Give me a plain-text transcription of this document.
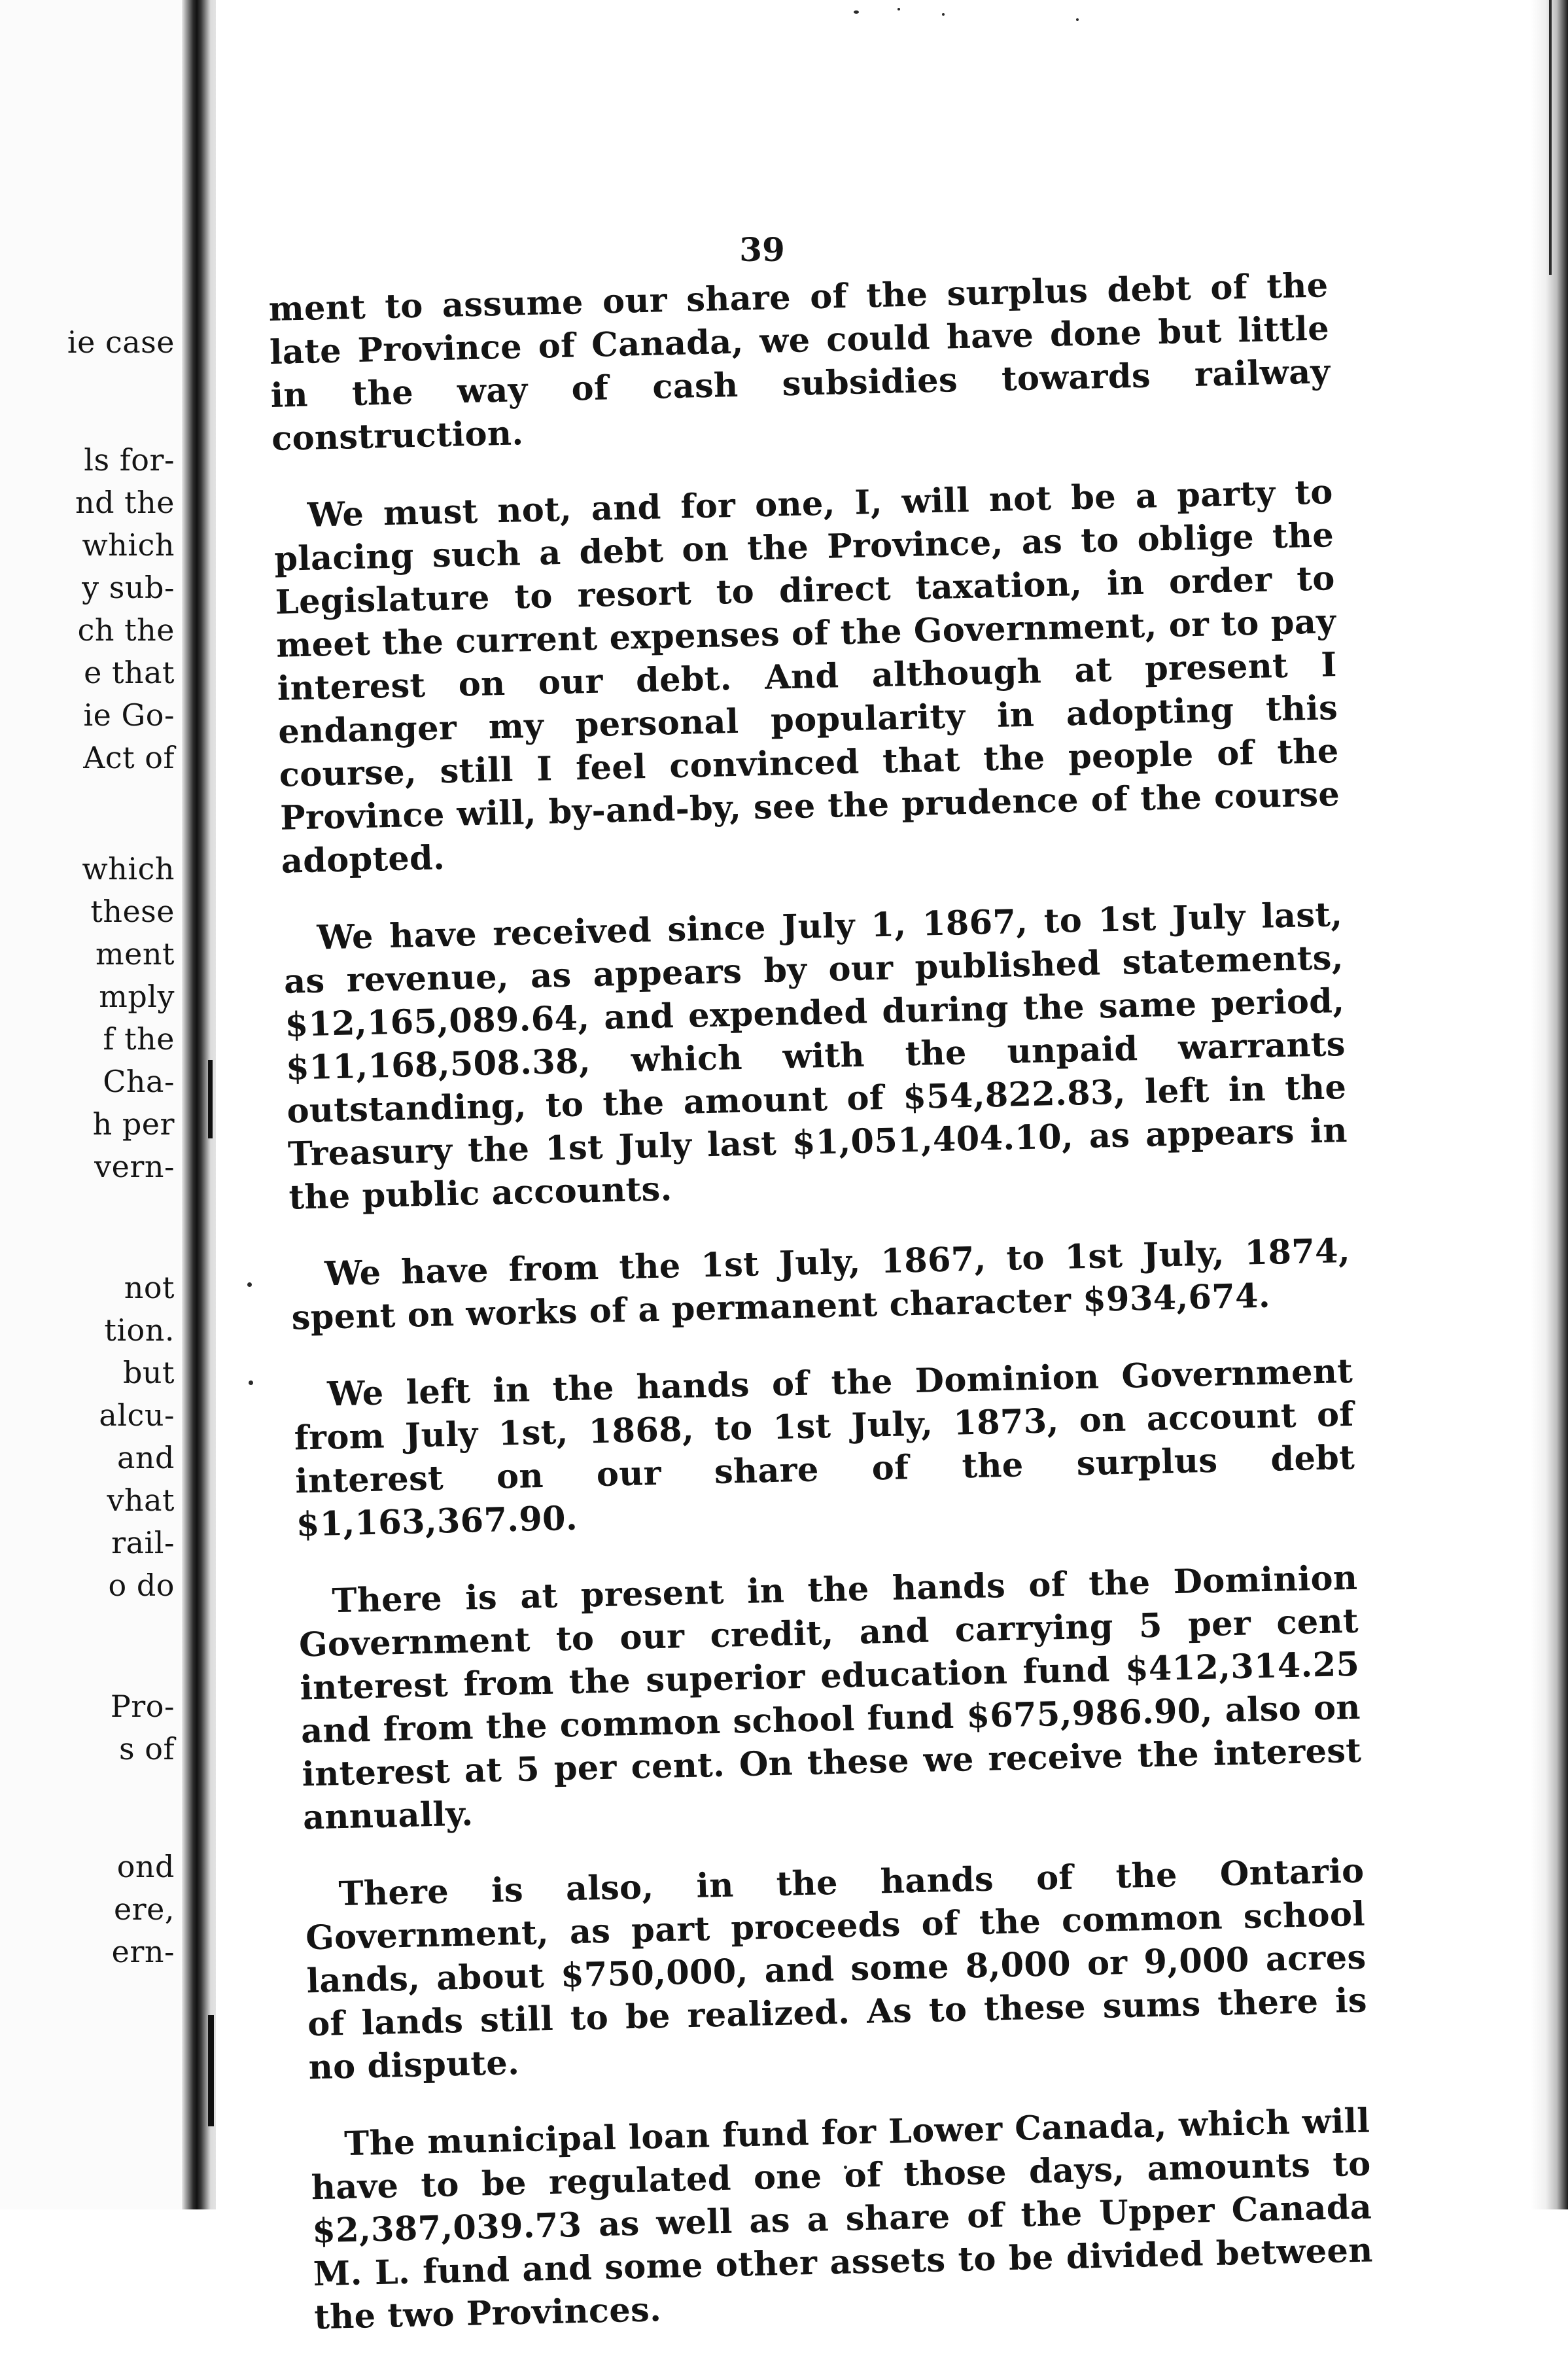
ie case
ls for-
nd the
which
y sub-
ch the
e that
ie Go-
Act of
which
these
ment
mply
f the
Cha-
h per
vern-
not
tion.
but
alcu-
and
vhat
rail-
o do
Pro-
s of
ond
ere,
ern-
39

ment to assume our share of the surplus debt of the late Province of Canada, we could have done but little in the way of cash subsidies towards railway construction.

We must not, and for one, I, will not be a party to placing such a debt on the Province, as to oblige the Legislature to resort to direct taxation, in order to meet the current expenses of the Government, or to pay interest on our debt. And although at present I endanger my personal popularity in adopting this course, still I feel convinced that the people of the Province will, by-and-by, see the prudence of the course adopted.

We have received since July 1, 1867, to 1st July last, as revenue, as appears by our published statements, $12,165,089.64, and expended during the same period, $11,168,508.38, which with the unpaid warrants outstanding, to the amount of $54,822.83, left in the Treasury the 1st July last $1,051,404.10, as appears in the public accounts.

We have from the 1st July, 1867, to 1st July, 1874, spent on works of a permanent character $934,674.

We left in the hands of the Dominion Government from July 1st, 1868, to 1st July, 1873, on account of interest on our share of the surplus debt $1,163,367.90.

There is at present in the hands of the Dominion Government to our credit, and carrying 5 per cent interest from the superior education fund $412,314.25 and from the common school fund $675,986.90, also on interest at 5 per cent. On these we receive the interest annually.

There is also, in the hands of the Ontario Government, as part proceeds of the common school lands, about $750,000, and some 8,000 or 9,000 acres of lands still to be realized. As to these sums there is no dispute.

The municipal loan fund for Lower Canada, which will have to be regulated one of those days, amounts to $2,387,039.73 as well as a share of the Upper Canada M. L. fund and some other assets to be divided between the two Provinces.
